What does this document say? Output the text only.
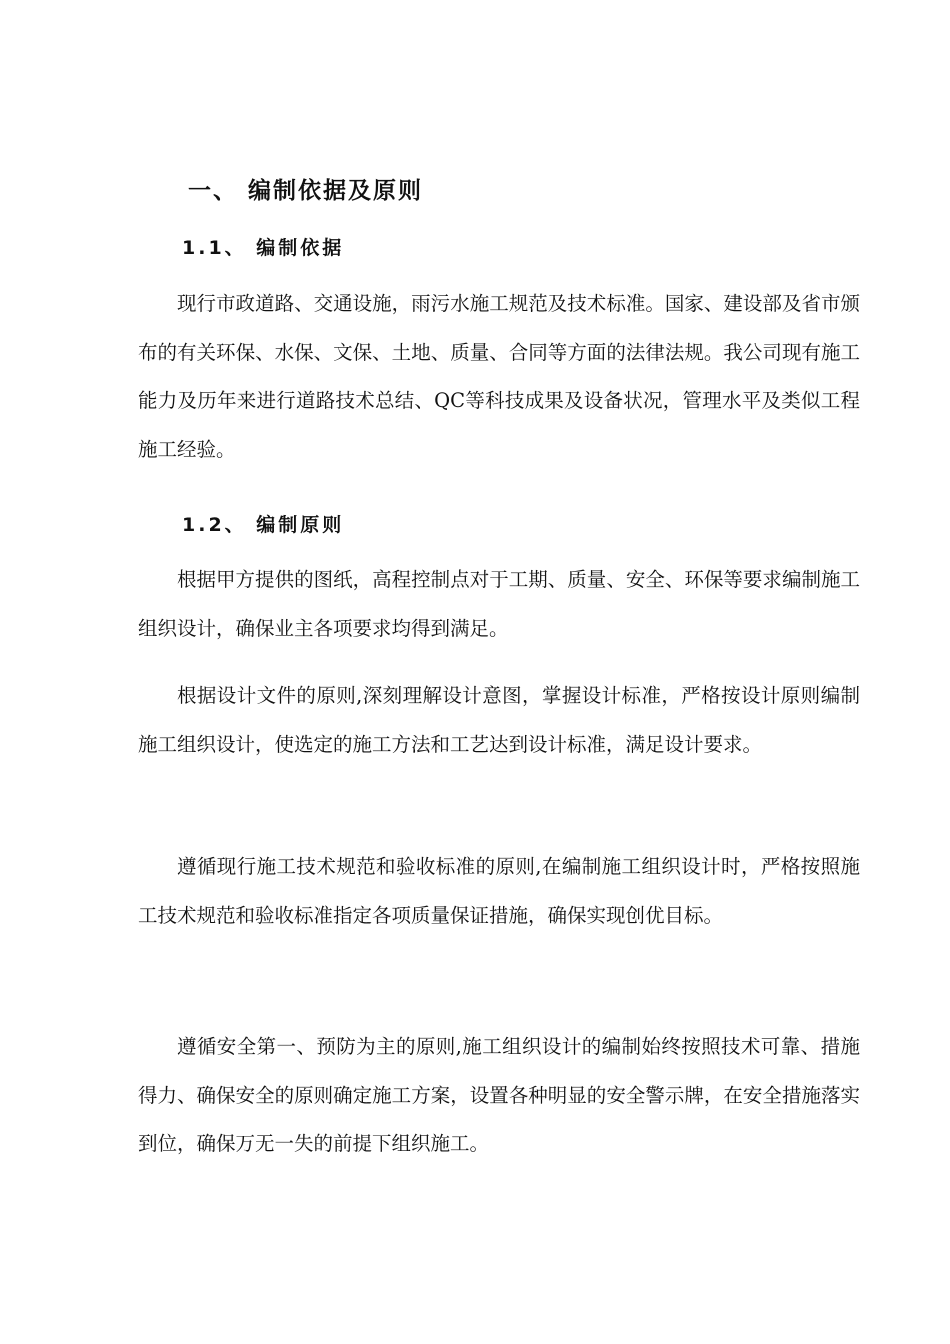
一、 编制依据及原则
1.1、 编制依据

现行市政道路、交通设施，雨污水施工规范及技术标准。国家、建设部及省市颁布的有关环保、水保、文保、土地、质量、合同等方面的法律法规。我公司现有施工能力及历年来进行道路技术总结、QC等科技成果及设备状况，管理水平及类似工程施工经验。

1.2、 编制原则

根据甲方提供的图纸，高程控制点对于工期、质量、安全、环保等要求编制施工组织设计，确保业主各项要求均得到满足。

根据设计文件的原则,深刻理解设计意图，掌握设计标准，严格按设计原则编制施工组织设计，使选定的施工方法和工艺达到设计标准，满足设计要求。

遵循现行施工技术规范和验收标准的原则,在编制施工组织设计时，严格按照施工技术规范和验收标准指定各项质量保证措施，确保实现创优目标。

遵循安全第一、预防为主的原则,施工组织设计的编制始终按照技术可靠、措施得力、确保安全的原则确定施工方案，设置各种明显的安全警示牌，在安全措施落实到位，确保万无一失的前提下组织施工。
